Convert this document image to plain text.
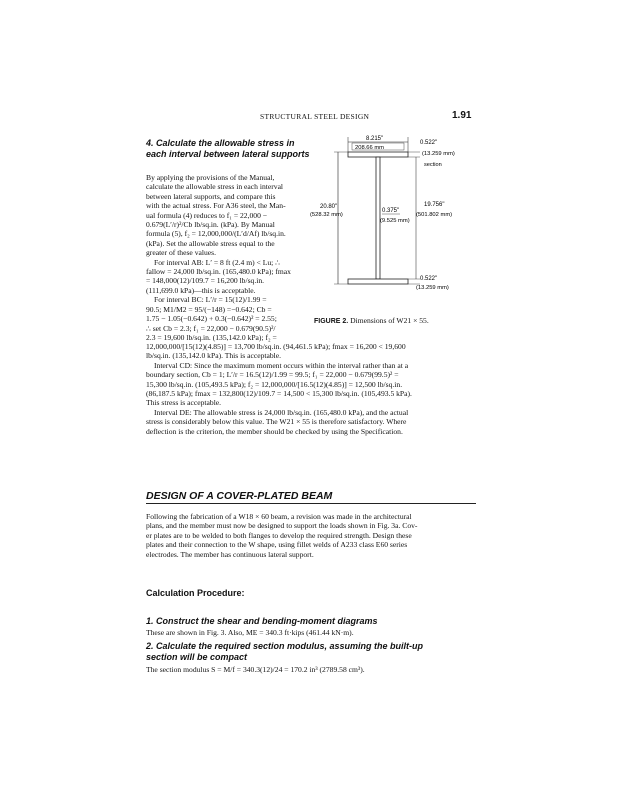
STRUCTURAL STEEL DESIGN	1.91
4. Calculate the allowable stress in each interval between lateral supports
By applying the provisions of the Manual,
calculate the allowable stress in each interval
between lateral supports, and compare this
with the actual stress. For A36 steel, the Man-
ual formula (4) reduces to f₁ = 22,000 −
0.679(L′/r)²/Cb lb/sq.in. (kPa). By Manual
formula (5), f₂ = 12,000,000/(L′d/Af) lb/sq.in.
(kPa). Set the allowable stress equal to the
greater of these values.
For interval AB: L′ = 8 ft (2.4 m) < Lu; ∴
fallow = 24,000 lb/sq.in. (165,480.0 kPa); fmax
= 148,000(12)/109.7 = 16,200 lb/sq.in.
(111,699.0 kPa)—this is acceptable.
For interval BC: L′/r = 15(12)/1.99 =
90.5; M1/M2 = 95/(−148) =−0.642; Cb =
1.75 − 1.05(−0.642) + 0.3(−0.642)² = 2.55;
∴ set Cb = 2.3; f₁ = 22,000 − 0.679(90.5)²/
2.3 = 19,600 lb/sq.in. (135,142.0 kPa); f₂ =
8.215"
208.66 mm
20.80"
(528.32 mm)
0.375"
(9.525 mm)
19.756"
(501.802 mm)
0.522"
(13.259 mm)
section
0.522"
(13.259 mm)
FIGURE 2. Dimensions of W21 × 55.
12,000,000/[15(12)(4.85)] = 13,700 lb/sq.in. (94,461.5 kPa); fmax = 16,200 < 19,600
lb/sq.in. (135,142.0 kPa). This is acceptable.
Interval CD: Since the maximum moment occurs within the interval rather than at a
boundary section, Cb = 1; L′/r = 16.5(12)/1.99 = 99.5; f₁ = 22,000 − 0.679(99.5)² =
15,300 lb/sq.in. (105,493.5 kPa); f₂ = 12,000,000/[16.5(12)(4.85)] = 12,500 lb/sq.in.
(86,187.5 kPa); fmax = 132,800(12)/109.7 = 14,500 < 15,300 lb/sq.in. (105,493.5 kPa).
This stress is acceptable.
Interval DE: The allowable stress is 24,000 lb/sq.in. (165,480.0 kPa), and the actual
stress is considerably below this value. The W21 × 55 is therefore satisfactory. Where
deflection is the criterion, the member should be checked by using the Specification.
DESIGN OF A COVER-PLATED BEAM
Following the fabrication of a W18 × 60 beam, a revision was made in the architectural
plans, and the member must now be designed to support the loads shown in Fig. 3a. Cov-
er plates are to be welded to both flanges to develop the required strength. Design these
plates and their connection to the W shape, using fillet welds of A233 class E60 series
electrodes. The member has continuous lateral support.
Calculation Procedure:
1. Construct the shear and bending-moment diagrams
These are shown in Fig. 3. Also, ME = 340.3 ft·kips (461.44 kN·m).
2. Calculate the required section modulus, assuming the built-up section will be compact
The section modulus S = M/f = 340.3(12)/24 = 170.2 in³ (2789.58 cm³).
